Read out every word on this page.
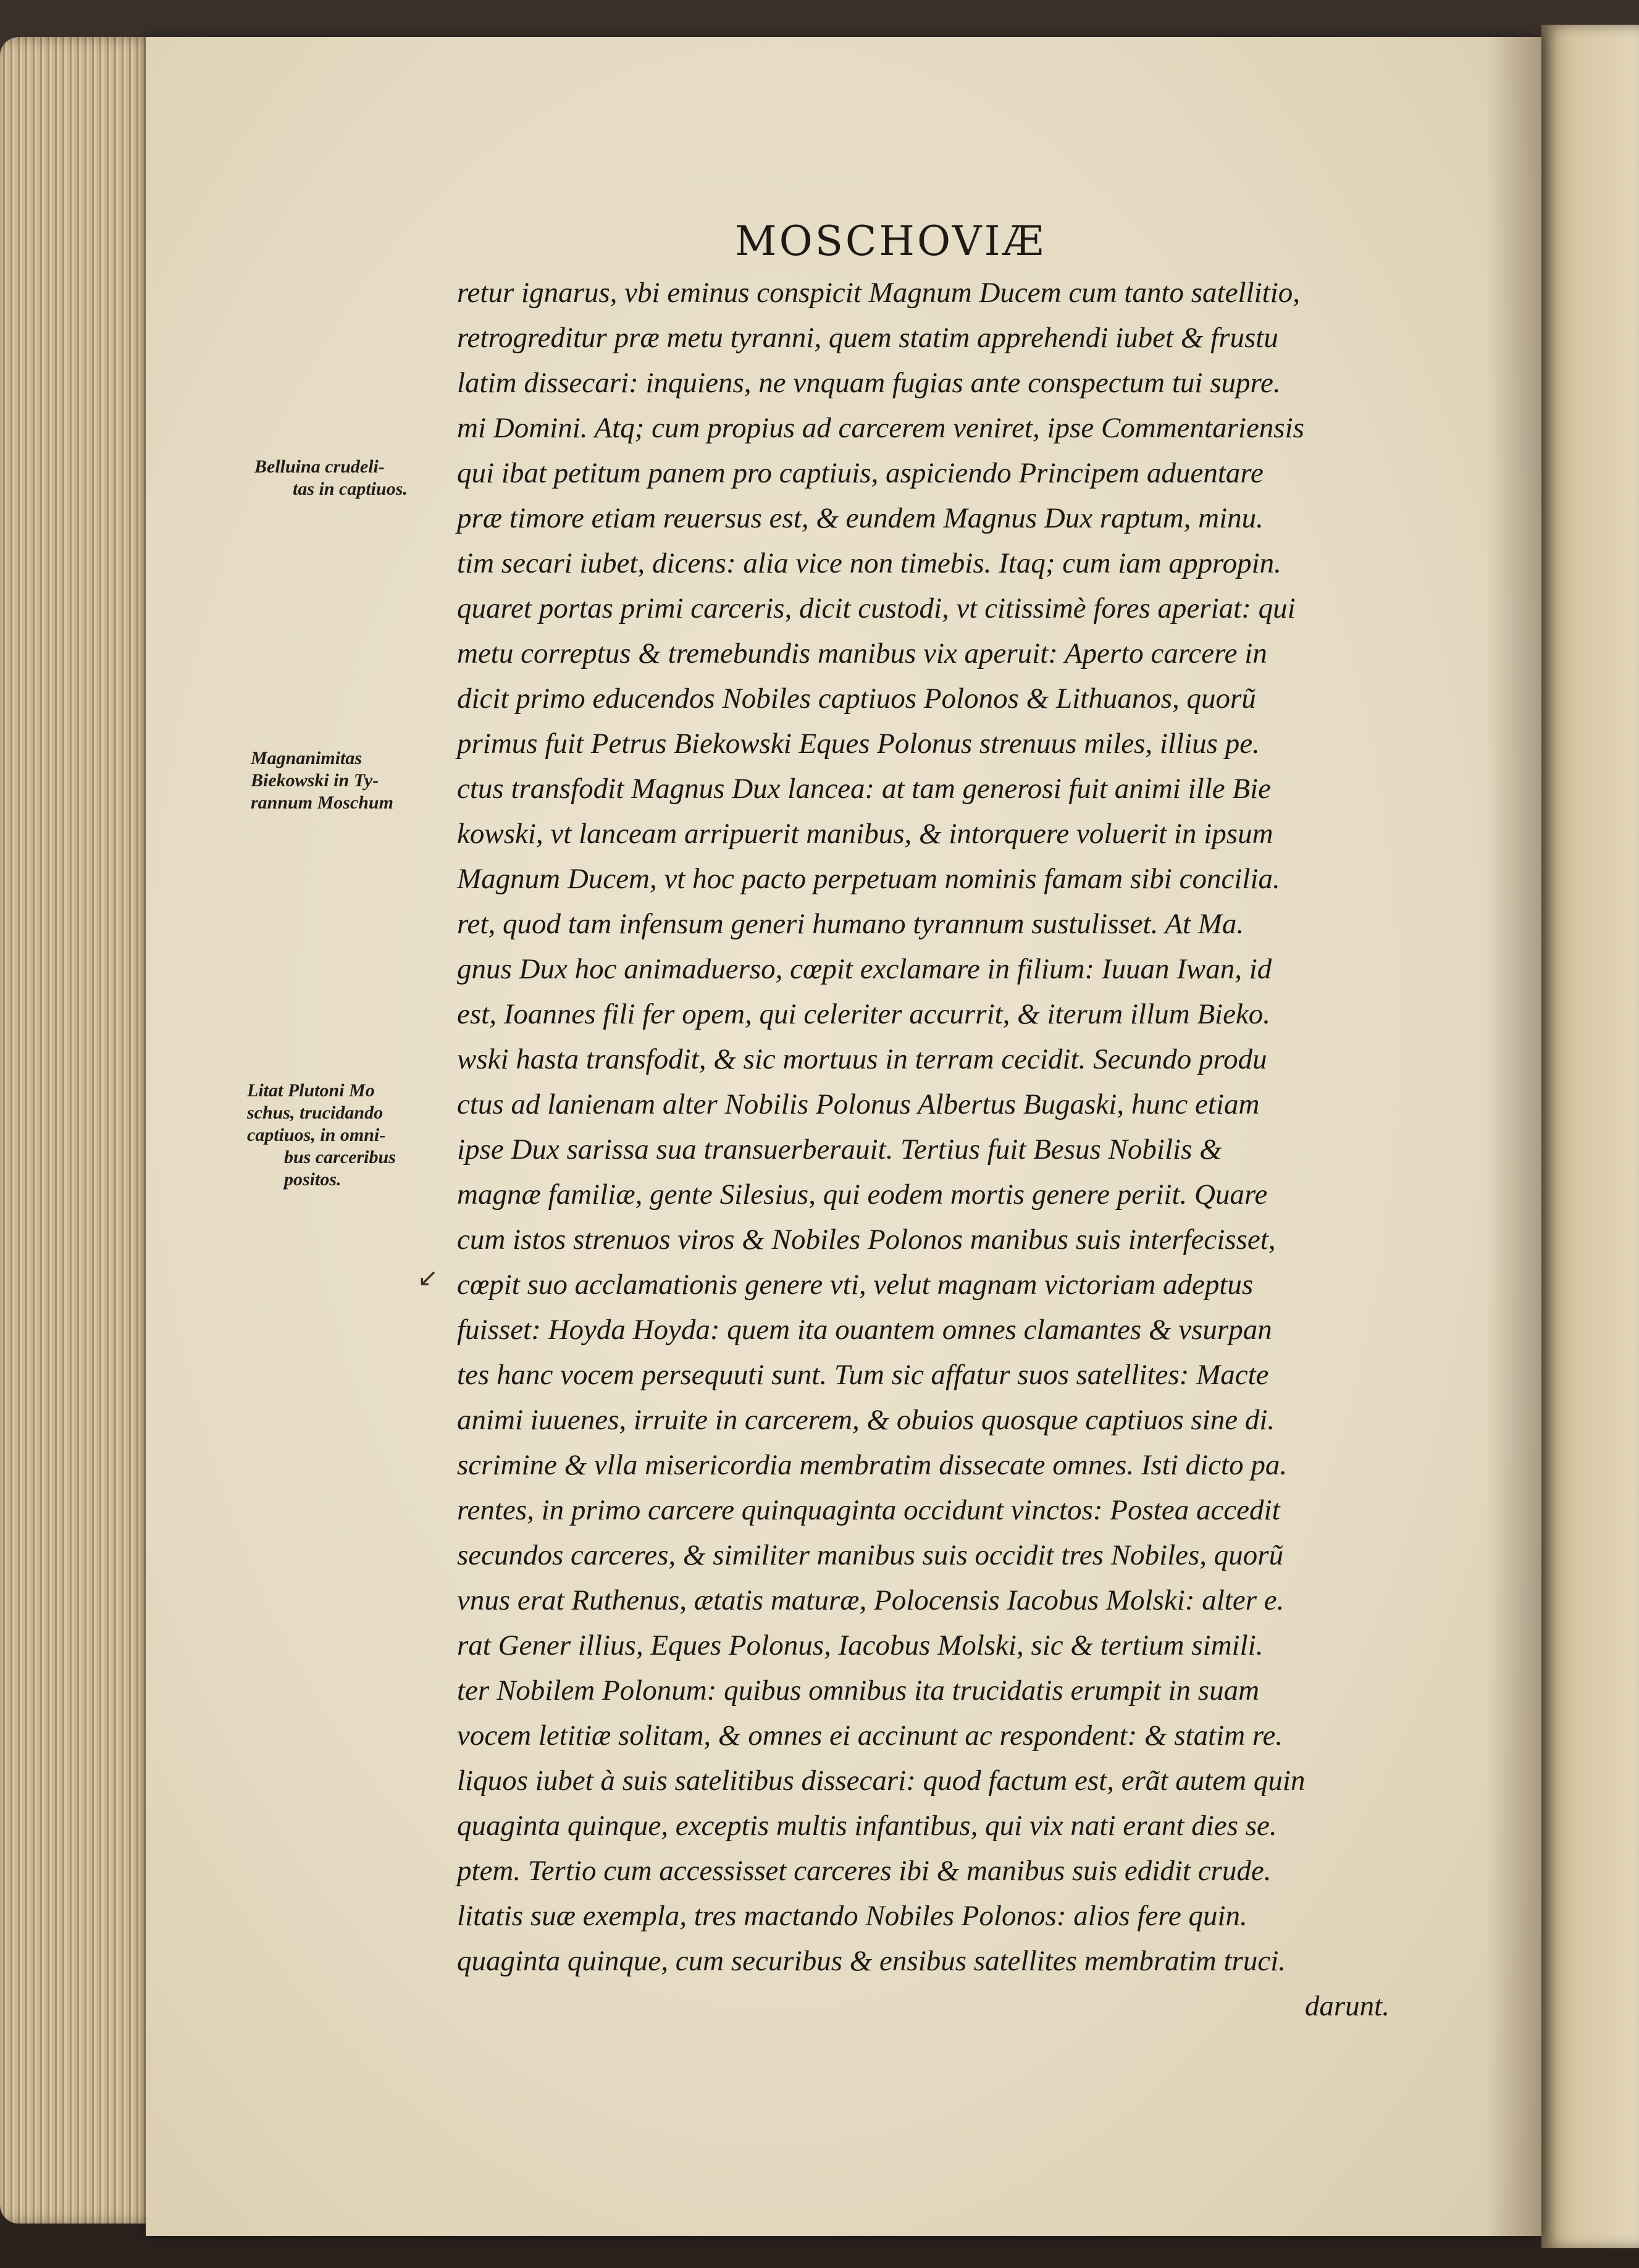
MOSCHOVIÆ
retur ignarus, vbi eminus conspicit Magnum Ducem cum tanto satellitio,
retrogreditur præ metu tyranni, quem statim apprehendi iubet & frustu
latim dissecari: inquiens, ne vnquam fugias ante conspectum tui supre.
mi Domini. Atq; cum propius ad carcerem veniret, ipse Commentariensis
qui ibat petitum panem pro captiuis, aspiciendo Principem aduentare
præ timore etiam reuersus est, & eundem Magnus Dux raptum, minu.
tim secari iubet, dicens: alia vice non timebis. Itaq; cum iam appropin.
quaret portas primi carceris, dicit custodi, vt citissimè fores aperiat: qui
metu correptus & tremebundis manibus vix aperuit: Aperto carcere in
dicit primo educendos Nobiles captiuos Polonos & Lithuanos, quorũ
primus fuit Petrus Biekowski Eques Polonus strenuus miles, illius pe.
ctus transfodit Magnus Dux lancea: at tam generosi fuit animi ille Bie
kowski, vt lanceam arripuerit manibus, & intorquere voluerit in ipsum
Magnum Ducem, vt hoc pacto perpetuam nominis famam sibi concilia.
ret, quod tam infensum generi humano tyrannum sustulisset. At Ma.
gnus Dux hoc animaduerso, cœpit exclamare in filium: Iuuan Iwan, id
est, Ioannes fili fer opem, qui celeriter accurrit, & iterum illum Bieko.
wski hasta transfodit, & sic mortuus in terram cecidit. Secundo produ
ctus ad lanienam alter Nobilis Polonus Albertus Bugaski, hunc etiam
ipse Dux sarissa sua transuerberauit. Tertius fuit Besus Nobilis &
magnæ familiæ, gente Silesius, qui eodem mortis genere periit. Quare
cum istos strenuos viros & Nobiles Polonos manibus suis interfecisset,
cœpit suo acclamationis genere vti, velut magnam victoriam adeptus
fuisset: Hoyda Hoyda: quem ita ouantem omnes clamantes & vsurpan
tes hanc vocem persequuti sunt. Tum sic affatur suos satellites: Macte
animi iuuenes, irruite in carcerem, & obuios quosque captiuos sine di.
scrimine & vlla misericordia membratim dissecate omnes. Isti dicto pa.
rentes, in primo carcere quinquaginta occidunt vinctos: Postea accedit
secundos carceres, & similiter manibus suis occidit tres Nobiles, quorũ
vnus erat Ruthenus, ætatis maturæ, Polocensis Iacobus Molski: alter e.
rat Gener illius, Eques Polonus, Iacobus Molski, sic & tertium simili.
ter Nobilem Polonum: quibus omnibus ita trucidatis erumpit in suam
vocem letitiæ solitam, & omnes ei accinunt ac respondent: & statim re.
liquos iubet à suis satelitibus dissecari: quod factum est, erãt autem quin
quaginta quinque, exceptis multis infantibus, qui vix nati erant dies se.
ptem. Tertio cum accessisset carceres ibi & manibus suis edidit crude.
litatis suæ exempla, tres mactando Nobiles Polonos: alios fere quin.
quaginta quinque, cum securibus & ensibus satellites membratim truci.
darunt.
Belluina crudeli-
tas in captiuos.
Magnanimitas
Biekowski in Ty-
rannum Moschum
Litat Plutoni Mo
schus, trucidando
captiuos, in omni-
bus carceribus
positos.
↙
